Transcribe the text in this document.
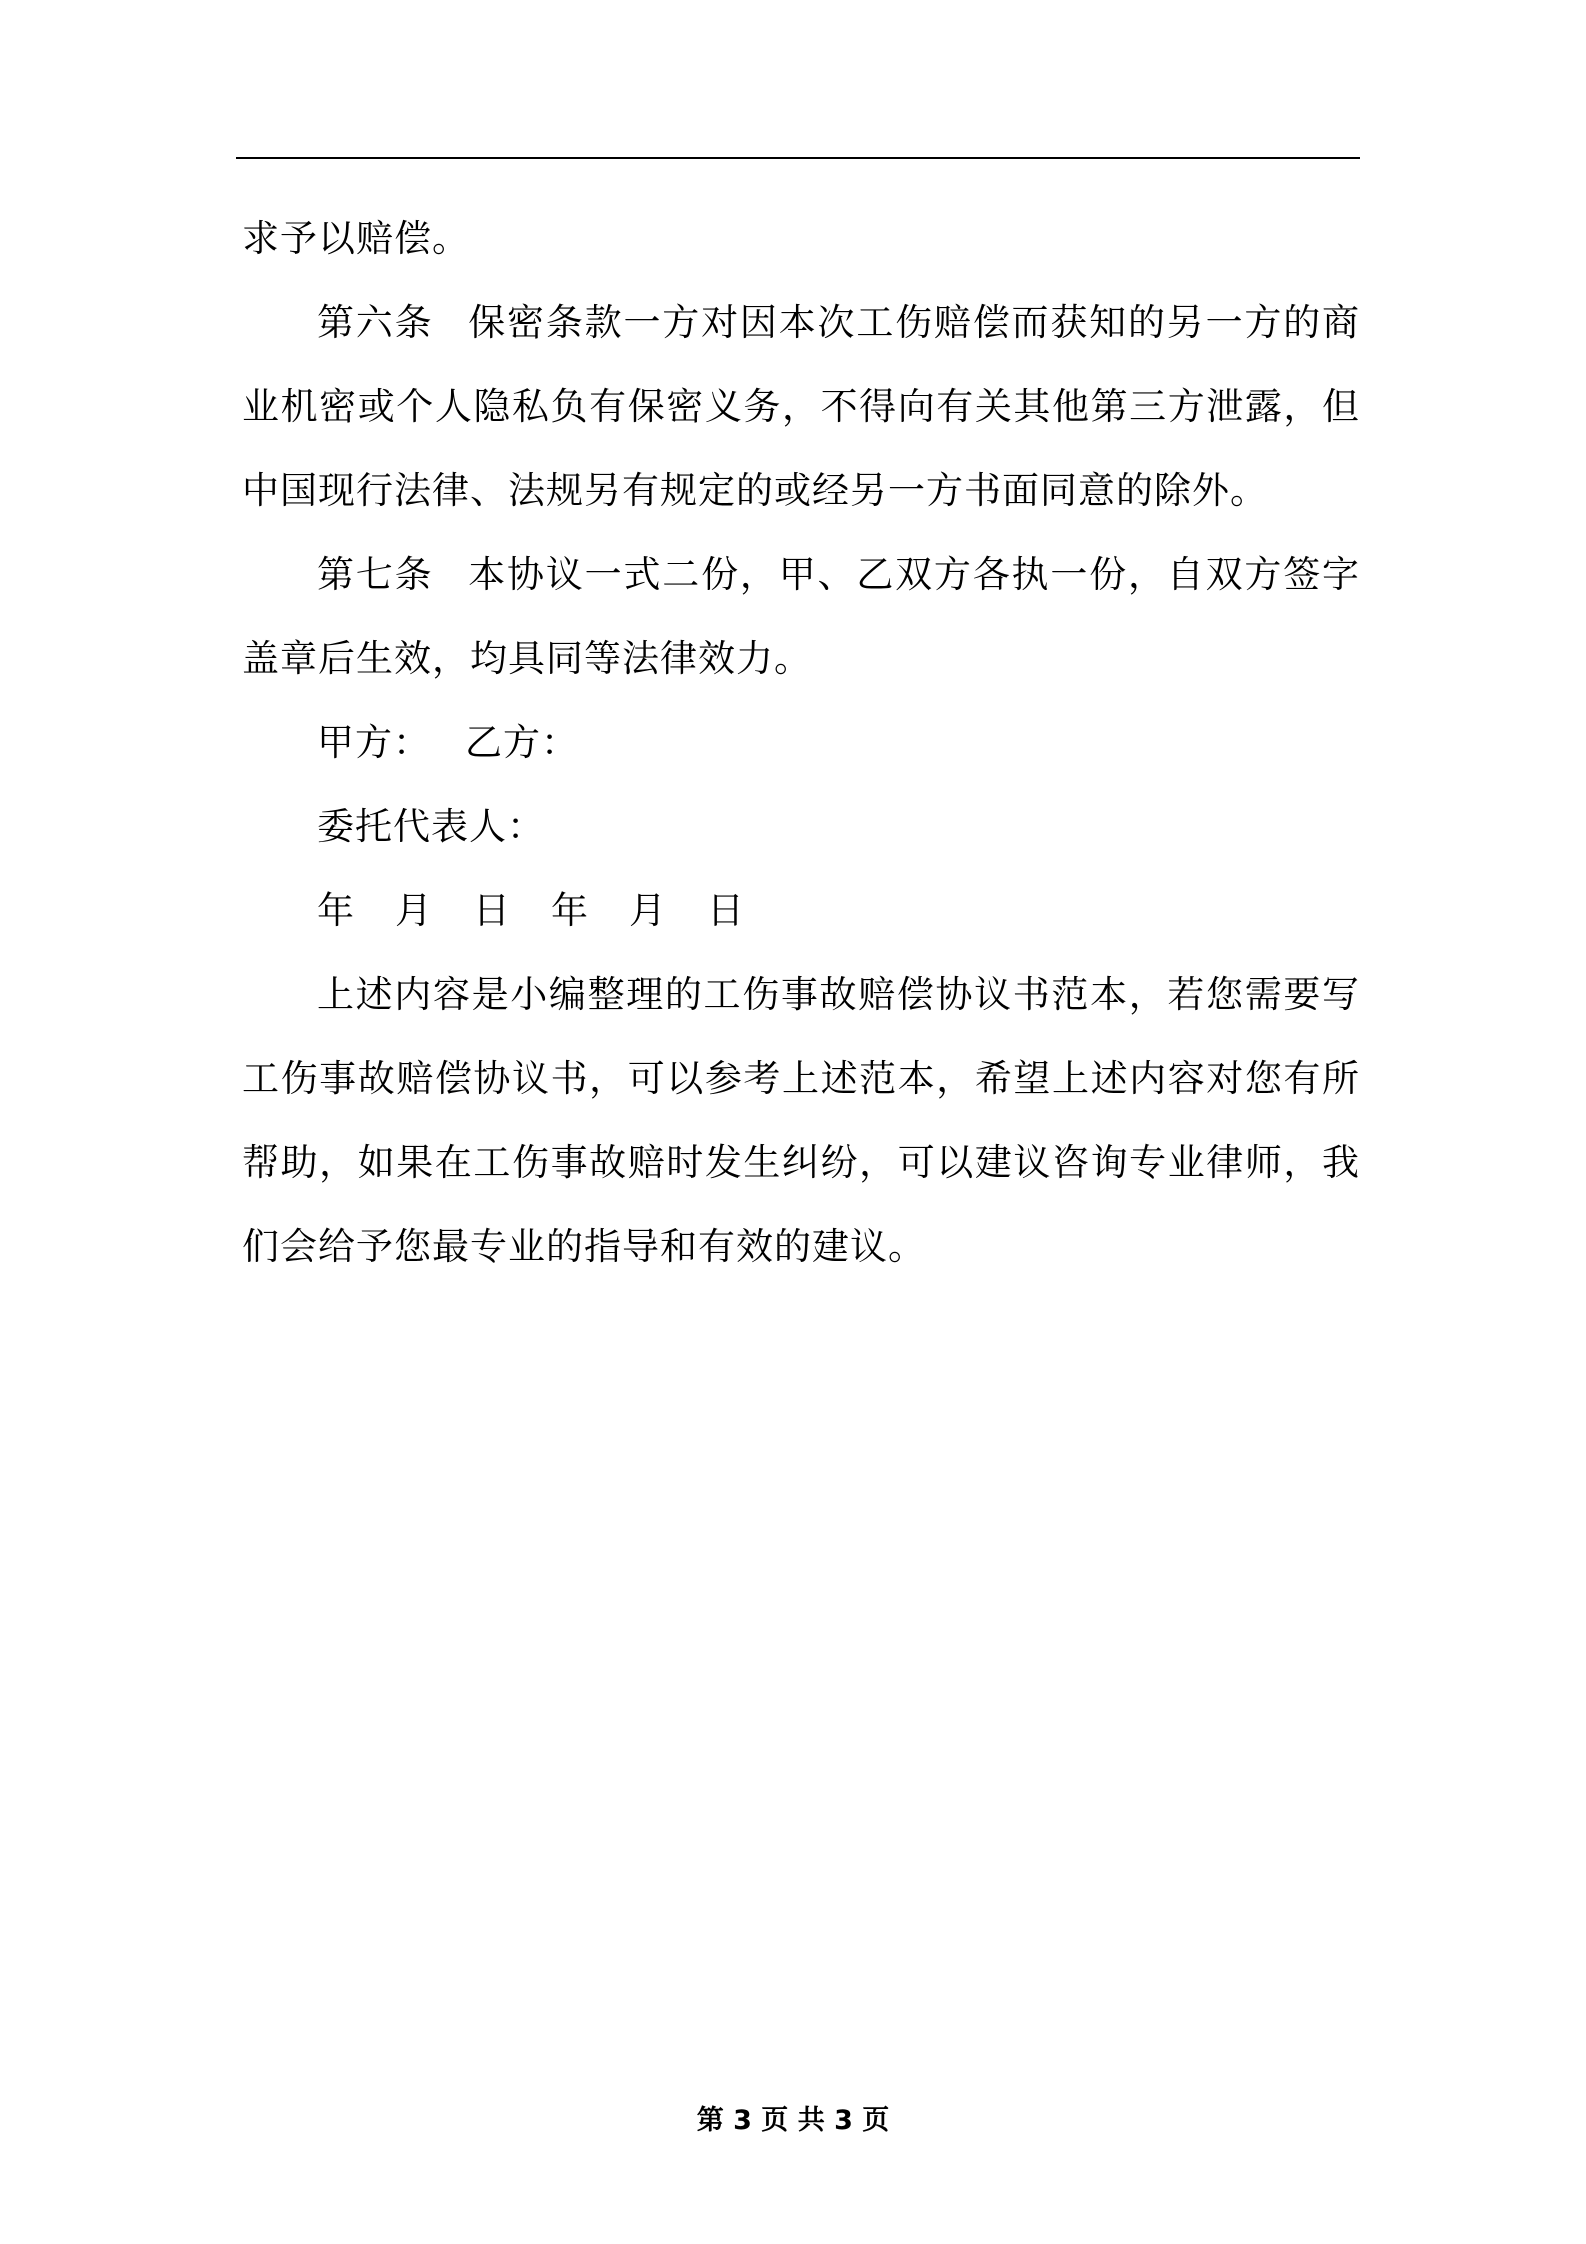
求予以赔偿。

第六条 保密条款一方对因本次工伤赔偿而获知的另一方的商业机密或个人隐私负有保密义务，不得向有关其他第三方泄露，但中国现行法律、法规另有规定的或经另一方书面同意的除外。

第七条 本协议一式二份，甲、乙双方各执一份，自双方签字盖章后生效，均具同等法律效力。

甲方： 乙方：

委托代表人：

年 月 日 年 月 日

上述内容是小编整理的工伤事故赔偿协议书范本，若您需要写工伤事故赔偿协议书，可以参考上述范本，希望上述内容对您有所帮助，如果在工伤事故赔时发生纠纷，可以建议咨询专业律师，我们会给予您最专业的指导和有效的建议。

第 3 页 共 3 页
